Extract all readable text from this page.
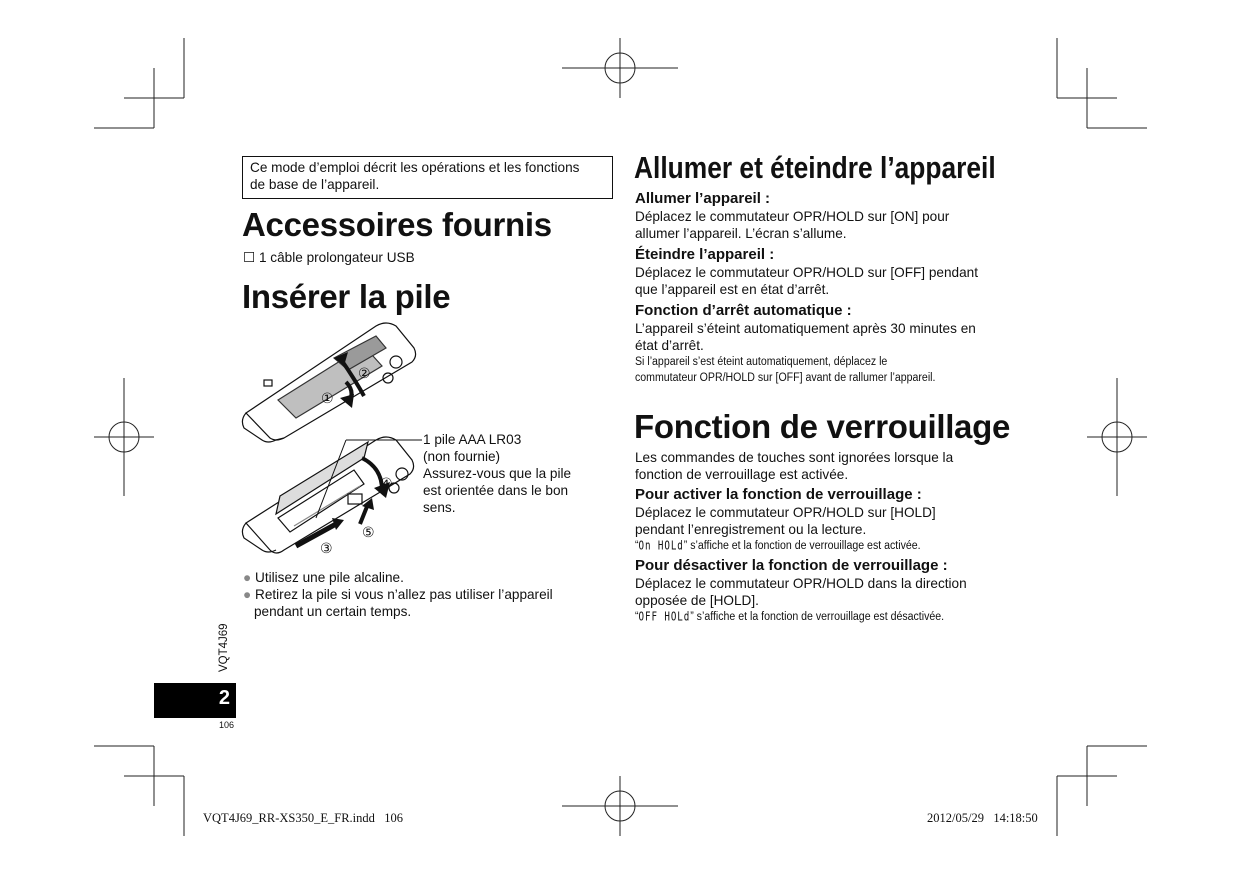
Ce mode d’emploi décrit les opérations et les fonctions
de base de l’appareil.
Accessoires fournis
☐ 1 câble prolongateur USB
Insérer la pile
①
②
③
④
⑤
1 pile AAA LR03
(non fournie)
Assurez-vous que la pile
est orientée dans le bon
sens.
● Utilisez une pile alcaline.
● Retirez la pile si vous n’allez pas utiliser l’appareil
pendant un certain temps.
VQT4J69
2
106
Allumer et éteindre l’appareil
Allumer l’appareil :
Déplacez le commutateur OPR/HOLD sur [ON] pour
allumer l’appareil. L’écran s’allume.
Éteindre l’appareil :
Déplacez le commutateur OPR/HOLD sur [OFF] pendant
que l’appareil est en état d’arrêt.
Fonction d’arrêt automatique :
L’appareil s’éteint automatiquement après 30 minutes en
état d’arrêt.
Si l’appareil s’est éteint automatiquement, déplacez le
commutateur OPR/HOLD sur [OFF] avant de rallumer l’appareil.
Fonction de verrouillage
Les commandes de touches sont ignorées lorsque la
fonction de verrouillage est activée.
Pour activer la fonction de verrouillage :
Déplacez le commutateur OPR/HOLD sur [HOLD]
pendant l’enregistrement ou la lecture.
“On HOLd” s’affiche et la fonction de verrouillage est activée.
Pour désactiver la fonction de verrouillage :
Déplacez le commutateur OPR/HOLD dans la direction
opposée de [HOLD].
“OFF HOLd” s’affiche et la fonction de verrouillage est désactivée.
VQT4J69_RR-XS350_E_FR.indd   106	2012/05/29   14:18:50
